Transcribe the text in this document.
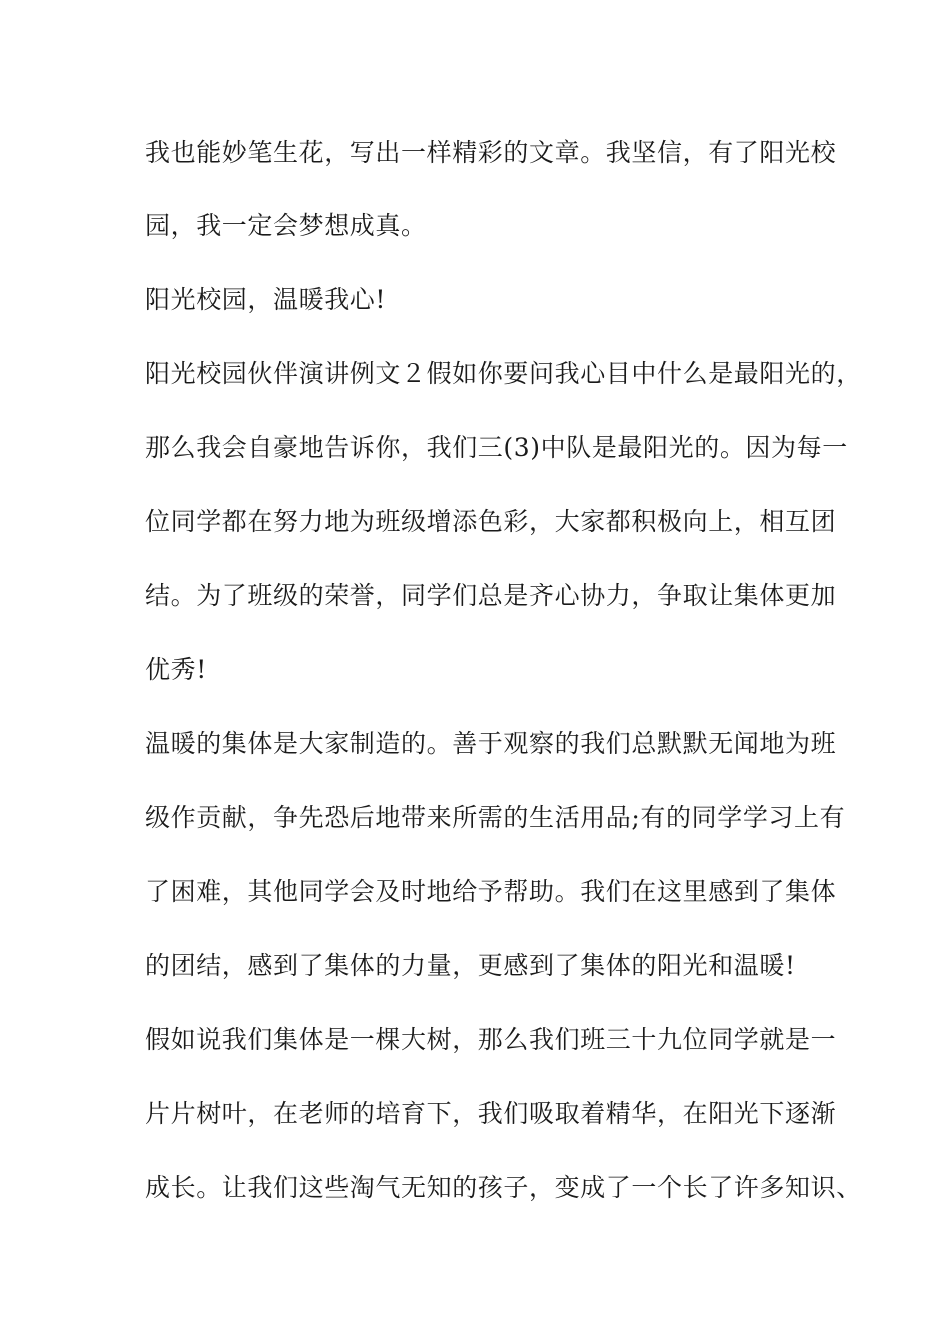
我也能妙笔生花，写出一样精彩的文章。我坚信，有了阳光校
园，我一定会梦想成真。
阳光校园，温暖我心!
阳光校园伙伴演讲例文２假如你要问我心目中什么是最阳光的，
那么我会自豪地告诉你，我们三(3)中队是最阳光的。因为每一
位同学都在努力地为班级增添色彩，大家都积极向上，相互团
结。为了班级的荣誉，同学们总是齐心协力，争取让集体更加
优秀!
温暖的集体是大家制造的。善于观察的我们总默默无闻地为班
级作贡献，争先恐后地带来所需的生活用品;有的同学学习上有
了困难，其他同学会及时地给予帮助。我们在这里感到了集体
的团结，感到了集体的力量，更感到了集体的阳光和温暖!
假如说我们集体是一棵大树，那么我们班三十九位同学就是一
片片树叶，在老师的培育下，我们吸取着精华，在阳光下逐渐
成长。让我们这些淘气无知的孩子，变成了一个长了许多知识、
